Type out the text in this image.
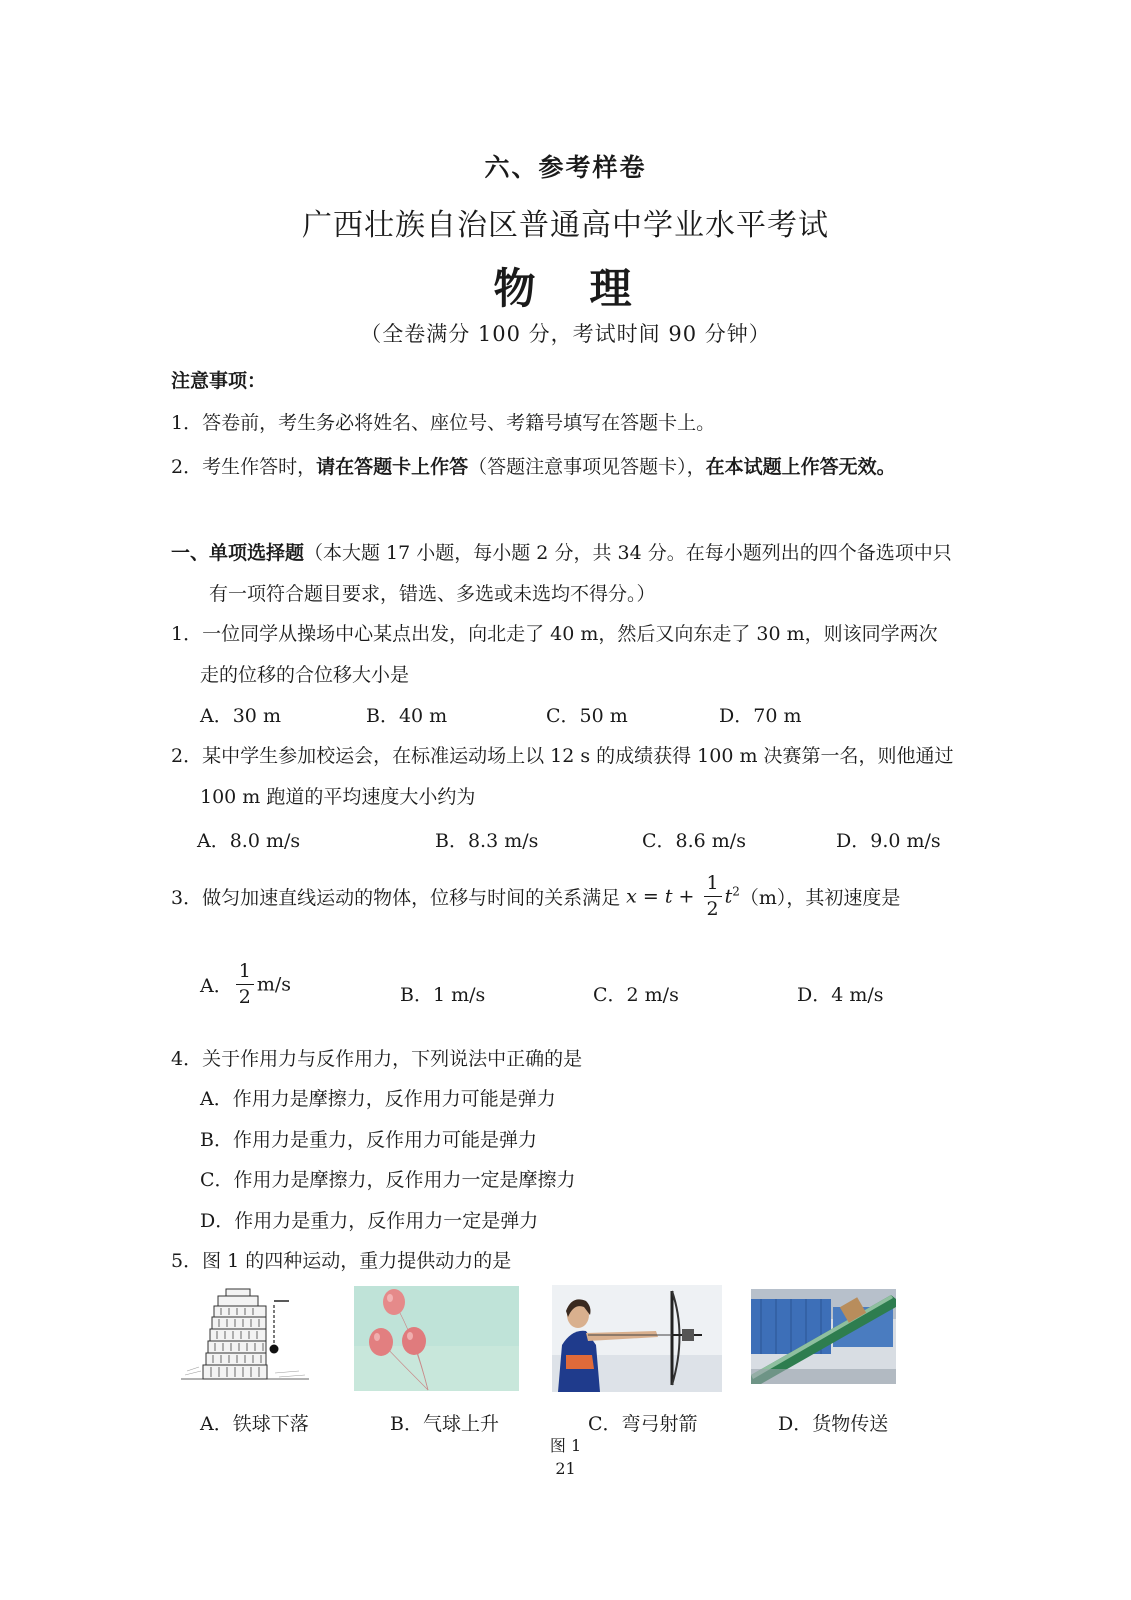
六、参考样卷
广西壮族自治区普通高中学业水平考试
物　理
（全卷满分 100 分，考试时间 90 分钟）
注意事项：
1．答卷前，考生务必将姓名、座位号、考籍号填写在答题卡上。
2．考生作答时，请在答题卡上作答（答题注意事项见答题卡），在本试题上作答无效。
一、单项选择题（本大题 17 小题，每小题 2 分，共 34 分。在每小题列出的四个备选项中只
有一项符合题目要求，错选、多选或未选均不得分。）
1．一位同学从操场中心某点出发，向北走了 40 m，然后又向东走了 30 m，则该同学两次
走的位移的合位移大小是
A．30 m	B．40 m	C．50 m	D．70 m
2．某中学生参加校运会，在标准运动场上以 12 s 的成绩获得 100 m 决赛第一名，则他通过
100 m 跑道的平均速度大小约为
A．8.0 m/s	B．8.3 m/s	C．8.6 m/s	D．9.0 m/s
3．做匀加速直线运动的物体，位移与时间的关系满足 $x = t + \frac{1}{2} t^2(m)$，其初速度是
A． $\frac{1}{2} m/s$	B．1 m/s	C．2 m/s	D．4 m/s
4．关于作用力与反作用力，下列说法中正确的是
A．作用力是摩擦力，反作用力可能是弹力
B．作用力是重力，反作用力可能是弹力
C．作用力是摩擦力，反作用力一定是摩擦力
D．作用力是重力，反作用力一定是弹力
5．图 1 的四种运动，重力提供动力的是
A．铁球下落	B．气球上升	C．弯弓射箭	D．货物传送
图 1
21
